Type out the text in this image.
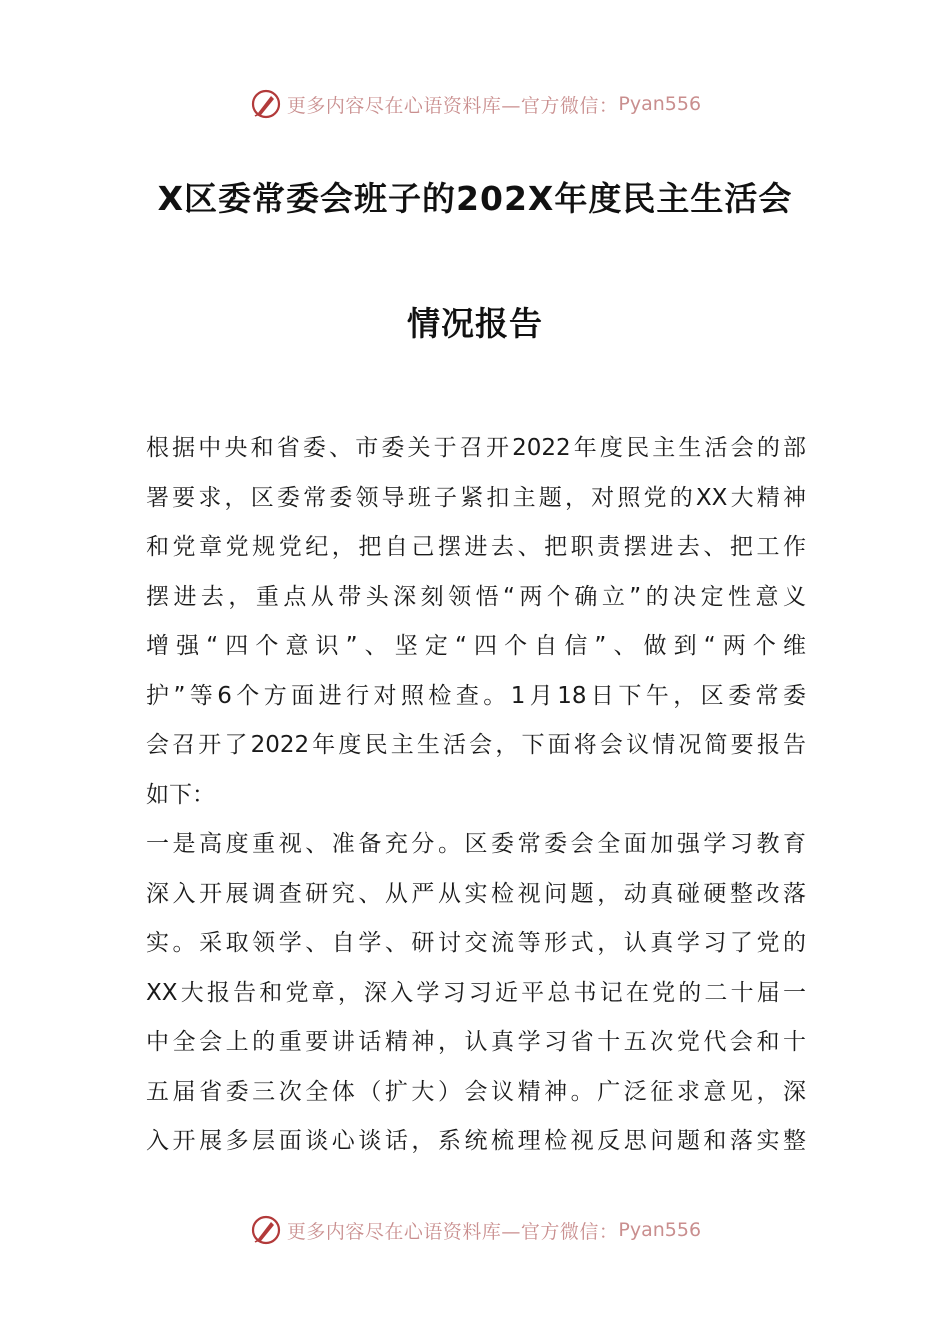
更多内容尽在心语资料库—官方微信： Pyan556
X区委常委会班子的202X年度民主生活会
情况报告
根据中央和省委、市委关于召开2022年度民主生活会的部
署要求，区委常委领导班子紧扣主题，对照党的XX大精神
和党章党规党纪，把自己摆进去、把职责摆进去、把工作
摆进去，重点从带头深刻领悟“两个确立”的决定性意义
增强“四个意识”、坚定“四个自信”、做到“两个维
护”等6个方面进行对照检查。1月18日下午，区委常委
会召开了2022年度民主生活会，下面将会议情况简要报告
如下：
一是高度重视、准备充分。区委常委会全面加强学习教育
深入开展调查研究、从严从实检视问题，动真碰硬整改落
实。采取领学、自学、研讨交流等形式，认真学习了党的
XX大报告和党章，深入学习习近平总书记在党的二十届一
中全会上的重要讲话精神，认真学习省十五次党代会和十
五届省委三次全体（扩大）会议精神。广泛征求意见，深
入开展多层面谈心谈话，系统梳理检视反思问题和落实整
更多内容尽在心语资料库—官方微信： Pyan556
